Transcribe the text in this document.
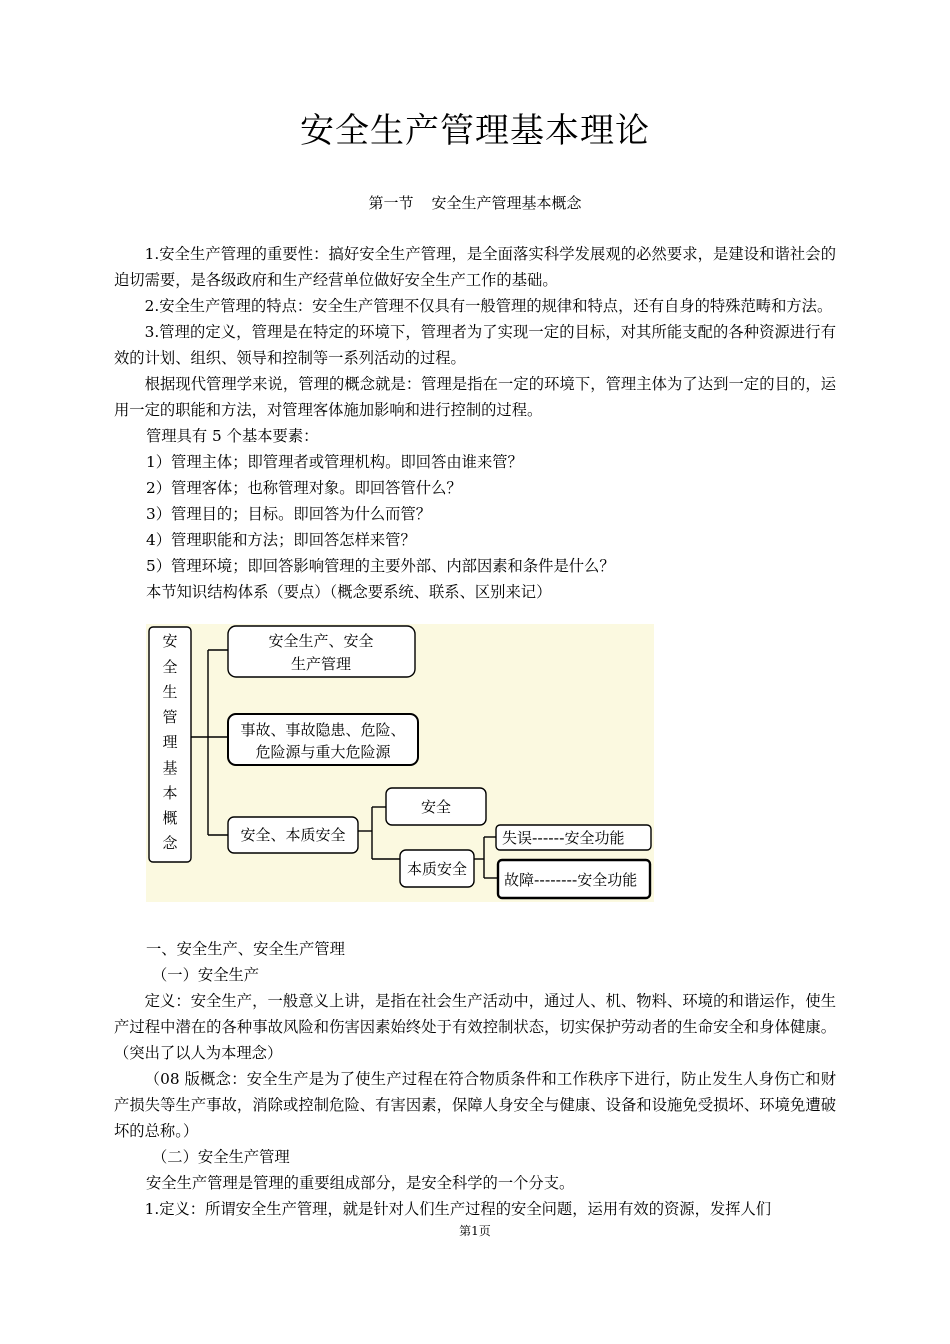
安全生产管理基本理论
第一节 安全生产管理基本概念
1.安全生产管理的重要性：搞好安全生产管理，是全面落实科学发展观的必然要求，是建设和谐社会的迫切需要，是各级政府和生产经营单位做好安全生产工作的基础。
2.安全生产管理的特点：安全生产管理不仅具有一般管理的规律和特点，还有自身的特殊范畴和方法。
3.管理的定义，管理是在特定的环境下，管理者为了实现一定的目标，对其所能支配的各种资源进行有效的计划、组织、领导和控制等一系列活动的过程。
根据现代管理学来说，管理的概念就是：管理是指在一定的环境下，管理主体为了达到一定的目的，运用一定的职能和方法，对管理客体施加影响和进行控制的过程。
管理具有 5 个基本要素：
1）管理主体；即管理者或管理机构。即回答由谁来管？
2）管理客体；也称管理对象。即回答管什么？
3）管理目的；目标。即回答为什么而管？
4）管理职能和方法；即回答怎样来管？
5）管理环境；即回答影响管理的主要外部、内部因素和条件是什么？
本节知识结构体系（要点）（概念要系统、联系、区别来记）
安全生管理基本概念
安全生产、安全
生产管理
事故、事故隐患、危险、
危险源与重大危险源
安全、本质安全
安全
本质安全
失误------安全功能
故障--------安全功能
一、安全生产、安全生产管理
（一）安全生产
定义：安全生产，一般意义上讲，是指在社会生产活动中，通过人、机、物料、环境的和谐运作，使生产过程中潜在的各种事故风险和伤害因素始终处于有效控制状态，切实保护劳动者的生命安全和身体健康。（突出了以人为本理念）
（08 版概念：安全生产是为了使生产过程在符合物质条件和工作秩序下进行，防止发生人身伤亡和财产损失等生产事故，消除或控制危险、有害因素，保障人身安全与健康、设备和设施免受损坏、环境免遭破坏的总称。）
（二）安全生产管理
安全生产管理是管理的重要组成部分，是安全科学的一个分支。
1.定义：所谓安全生产管理，就是针对人们生产过程的安全问题，运用有效的资源，发挥人们
第1页
